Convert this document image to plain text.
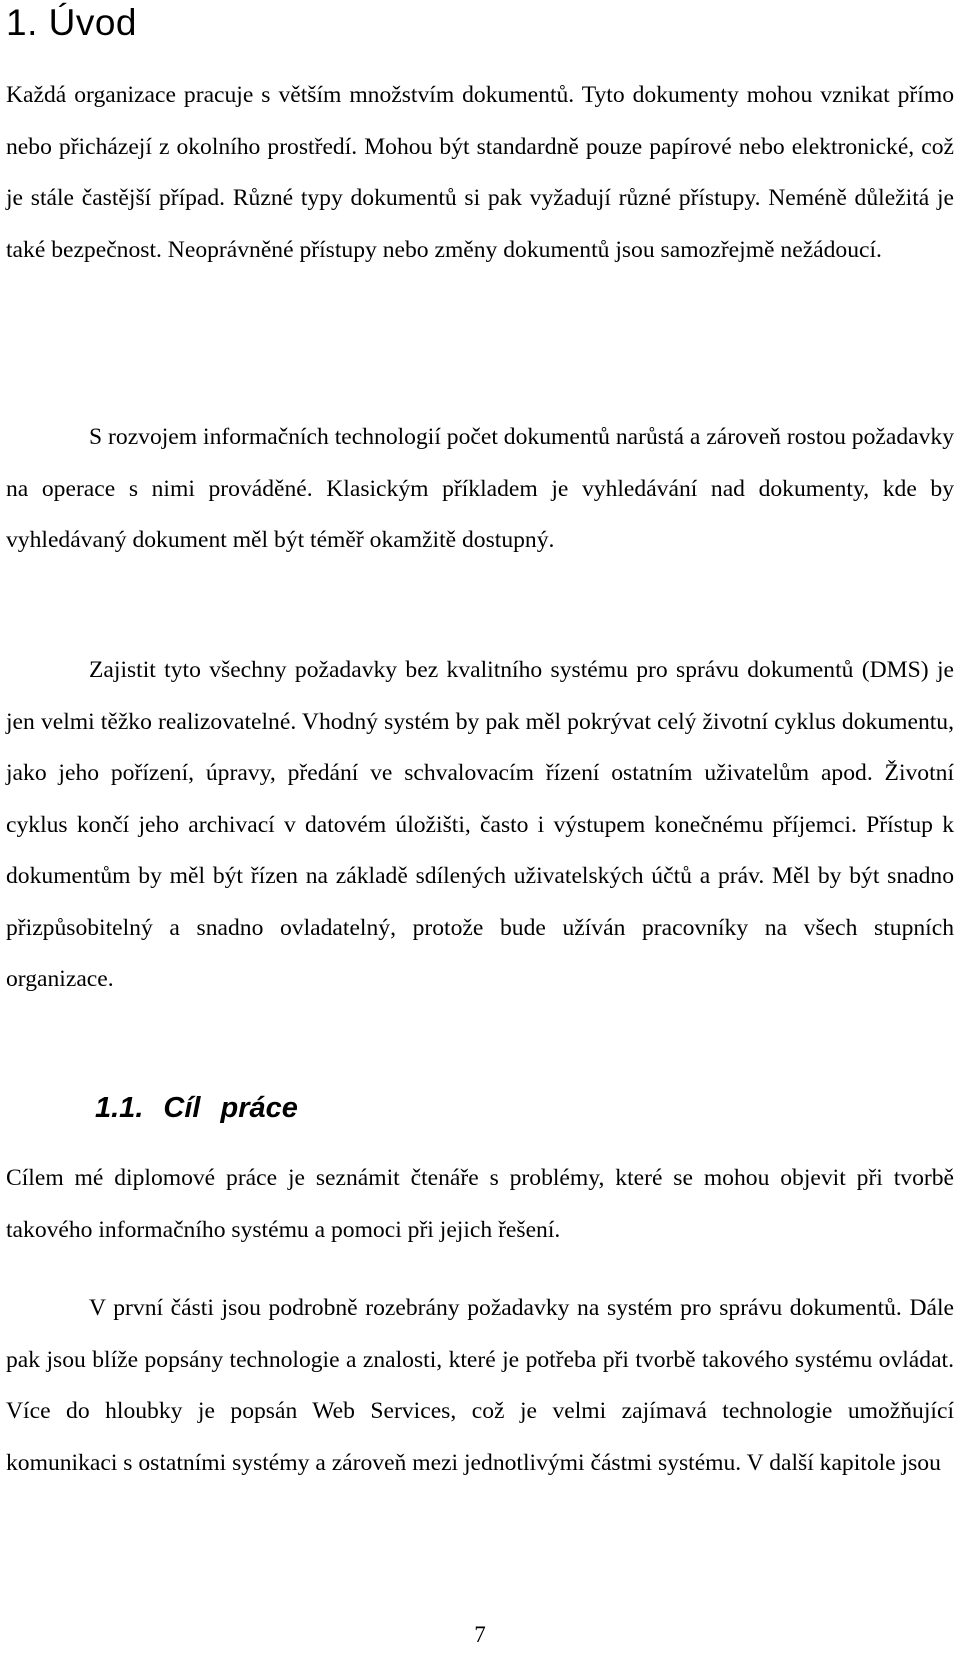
1. Úvod

Každá organizace pracuje s větším množstvím dokumentů. Tyto dokumenty mohou vznikat přímo nebo přicházejí z okolního prostředí. Mohou být standardně pouze papírové nebo elektronické, což je stále častější případ. Různé typy dokumentů si pak vyžadují různé přístupy. Neméně důležitá je také bezpečnost. Neoprávněné přístupy nebo změny dokumentů jsou samozřejmě nežádoucí.

S rozvojem informačních technologií počet dokumentů narůstá a zároveň rostou požadavky na operace s nimi prováděné. Klasickým příkladem je vyhledávání nad dokumenty, kde by vyhledávaný dokument měl být téměř okamžitě dostupný.

Zajistit tyto všechny požadavky bez kvalitního systému pro správu dokumentů (DMS) je jen velmi těžko realizovatelné. Vhodný systém by pak měl pokrývat celý životní cyklus dokumentu, jako jeho pořízení, úpravy, předání ve schvalovacím řízení ostatním uživatelům apod. Životní cyklus končí jeho archivací v datovém úložišti, často i výstupem konečnému příjemci. Přístup k dokumentům by měl být řízen na základě sdílených uživatelských účtů a práv. Měl by být snadno přizpůsobitelný a snadno ovladatelný, protože bude užíván pracovníky na všech stupních organizace.

1.1. Cíl práce

Cílem mé diplomové práce je seznámit čtenáře s problémy, které se mohou objevit při tvorbě takového informačního systému a pomoci při jejich řešení.

V první části jsou podrobně rozebrány požadavky na systém pro správu dokumentů. Dále pak jsou blíže popsány technologie a znalosti, které je potřeba při tvorbě takového systému ovládat. Více do hloubky je popsán Web Services, což je velmi zajímavá technologie umožňující komunikaci s ostatními systémy a zároveň mezi jednotlivými částmi systému. V další kapitole jsou

7
